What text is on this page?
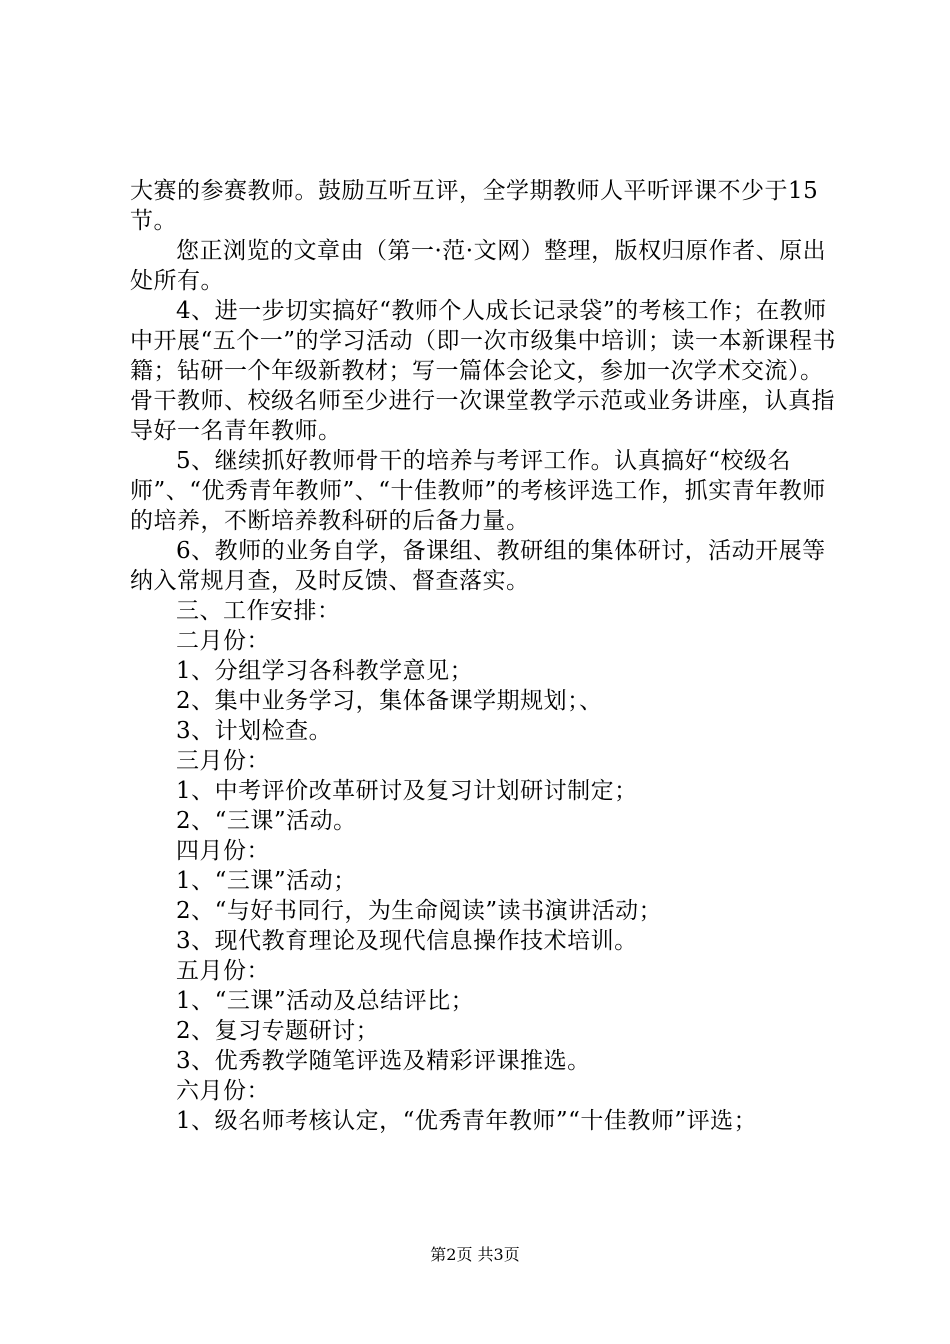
大赛的参赛教师。鼓励互听互评，全学期教师人平听评课不少于15节。

您正浏览的文章由（第一·范·文网）整理，版权归原作者、原出处所有。

4、进一步切实搞好“教师个人成长记录袋”的考核工作；在教师中开展“五个一”的学习活动（即一次市级集中培训；读一本新课程书籍；钻研一个年级新教材；写一篇体会论文，参加一次学术交流）。骨干教师、校级名师至少进行一次课堂教学示范或业务讲座，认真指导好一名青年教师。

5、继续抓好教师骨干的培养与考评工作。认真搞好“校级名师”、“优秀青年教师”、“十佳教师”的考核评选工作，抓实青年教师的培养，不断培养教科研的后备力量。

6、教师的业务自学，备课组、教研组的集体研讨，活动开展等纳入常规月查，及时反馈、督查落实。

三、工作安排：

二月份：

1、分组学习各科教学意见；

2、集中业务学习，集体备课学期规划；、

3、计划检查。

三月份：

1、中考评价改革研讨及复习计划研讨制定；

2、“三课”活动。

四月份：

1、“三课”活动；

2、“与好书同行，为生命阅读”读书演讲活动；

3、现代教育理论及现代信息操作技术培训。

五月份：

1、“三课”活动及总结评比；

2、复习专题研讨；

3、优秀教学随笔评选及精彩评课推选。

六月份：

1、级名师考核认定，“优秀青年教师”“十佳教师”评选；

第2页 共3页
